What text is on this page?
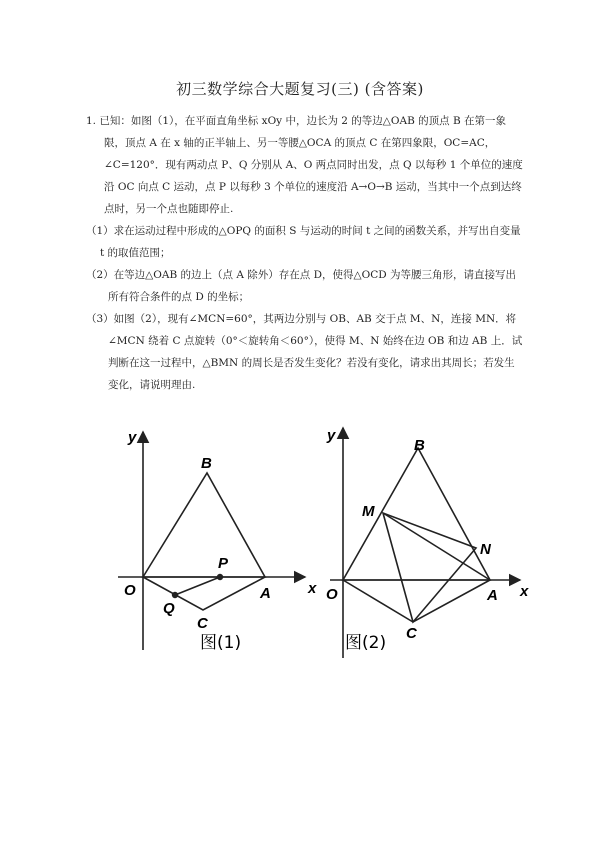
初三数学综合大题复习(三) (含答案)

1. 已知：如图（1），在平面直角坐标 xOy 中，边长为 2 的等边△OAB 的顶点 B 在第一象限，顶点 A 在 x 轴的正半轴上、另一等腰△OCA 的顶点 C 在第四象限，OC=AC，∠C=120°．现有两动点 P、Q 分别从 A、O 两点同时出发，点 Q 以每秒 1 个单位的速度沿 OC 向点 C 运动，点 P 以每秒 3 个单位的速度沿 A→O→B 运动，当其中一个点到达终点时，另一个点也随即停止.

（1）求在运动过程中形成的△OPQ 的面积 S 与运动的时间 t 之间的函数关系，并写出自变量 t 的取值范围；

（2）在等边△OAB 的边上（点 A 除外）存在点 D，使得△OCD 为等腰三角形，请直接写出所有符合条件的点 D 的坐标；

（3）如图（2），现有∠MCN=60°，其两边分别与 OB、AB 交于点 M、N，连接 MN．将∠MCN 绕着 C 点旋转（0°＜旋转角＜60°），使得 M、N 始终在边 OB 和边 AB 上．试判断在这一过程中，△BMN 的周长是否发生变化？若没有变化，请求出其周长；若发生变化，请说明理由.

y
x
B
O	A
P
Q
C
图(1)
y
x
B
M
N
O	A
C
图(2)
